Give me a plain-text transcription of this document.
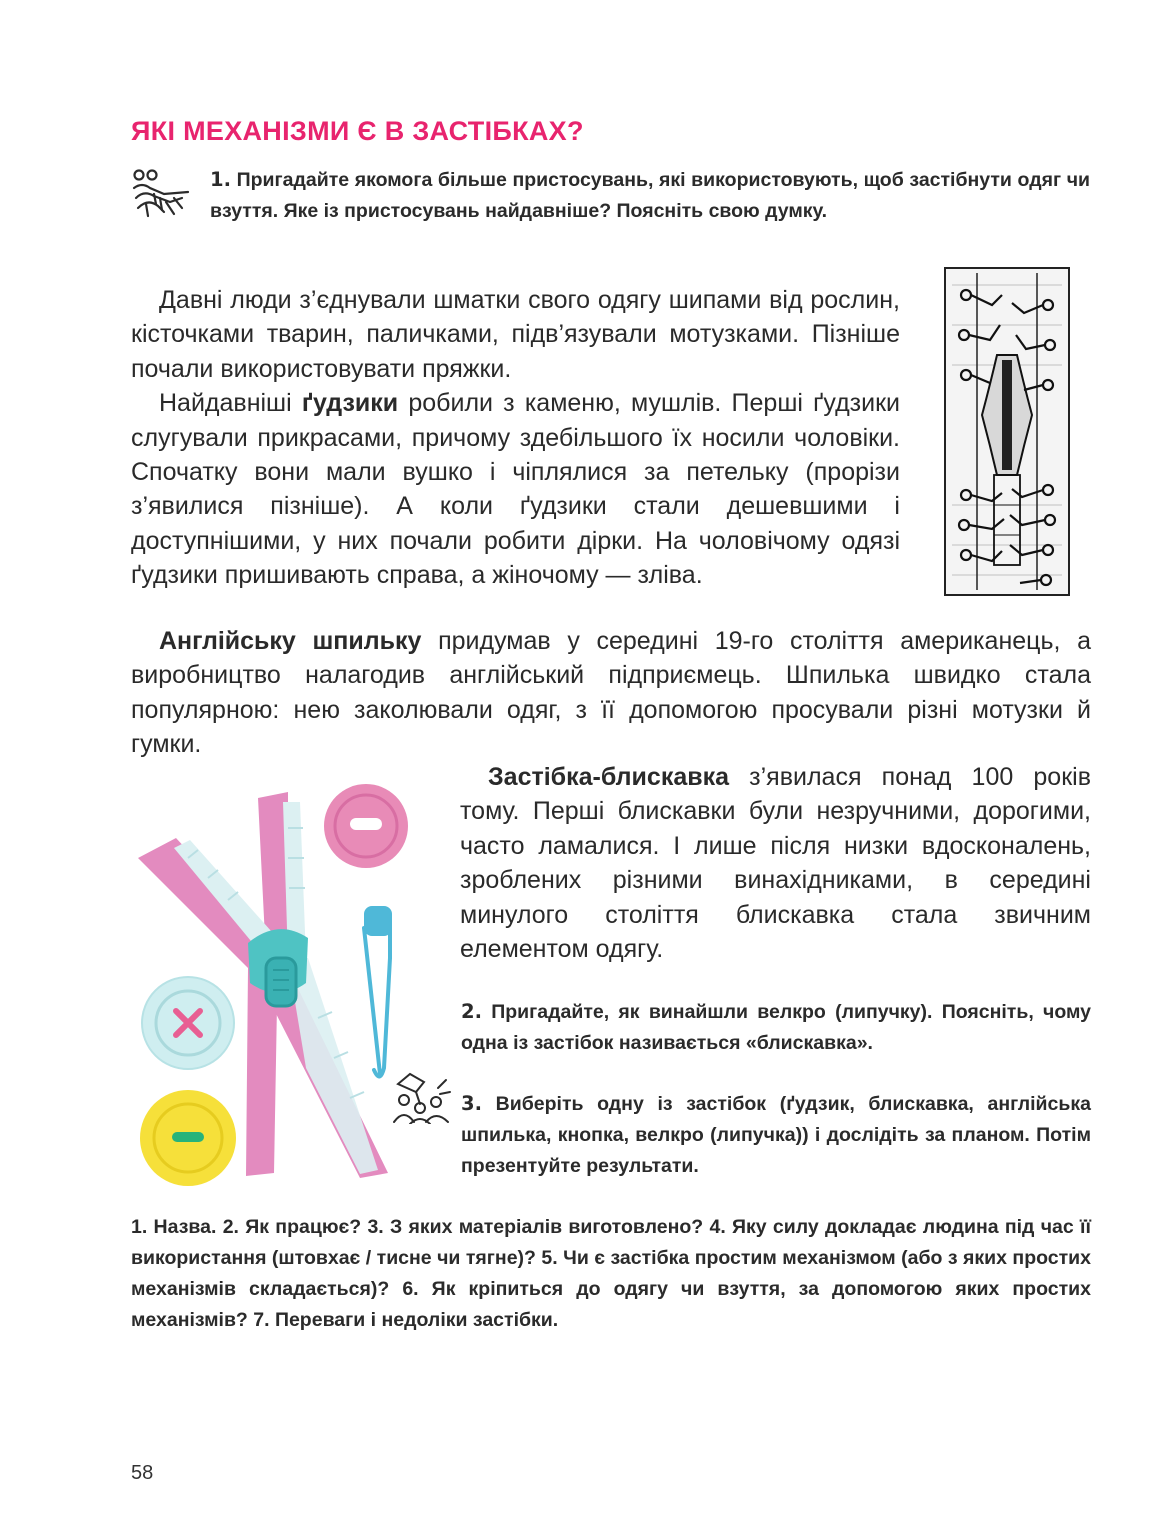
ЯКІ МЕХАНІЗМИ Є В ЗАСТІБКАХ?
1. Пригадайте якомога більше пристосувань, які використовують, щоб застібнути одяг чи взуття. Яке із пристосувань найдавніше? Поясніть свою думку.

Давні люди з’єднували шматки свого одягу шипами від рослин, кісточками тварин, паличками, підв’язували мотузками. Пізніше почали використовувати пряжки.

Найдавніші ґудзики робили з каменю, мушлів. Перші ґудзики слугували прикрасами, причому здебільшого їх носили чоловіки. Спочатку вони мали вушко і чіплялися за петельку (прорізи з’явилися пізніше). А коли ґудзики стали дешевшими і доступнішими, у них почали робити дірки. На чоловічому одязі ґудзики пришивають справа, а жіночому — зліва.

Англійську шпильку придумав у середині 19-го століття американець, а виробництво налагодив англійський підприємець. Шпилька швидко стала популярною: нею заколювали одяг, з її допомогою просували різні мотузки й гумки.

Застібка-блискавка з’явилася понад 100 років тому. Перші блискавки були незручними, дорогими, часто ламалися. І лише після низки вдосконалень, зроблених різними винахідниками, в середині минулого століття блискавка стала звичним елементом одягу.

2. Пригадайте, як винайшли велкро (липучку). Поясніть, чому одна із застібок називається «блискавка».
3. Виберіть одну із застібок (ґудзик, блискавка, англійська шпилька, кнопка, велкро (липучка)) і дослідіть за планом. Потім презентуйте результати.
1. Назва. 2. Як працює? 3. З яких матеріалів виготовлено? 4. Яку силу докладає людина під час її використання (штовхає / тисне чи тягне)? 5. Чи є застібка простим механізмом (або з яких простих механізмів складається)? 6. Як кріпиться до одягу чи взуття, за допомогою яких простих механізмів? 7. Переваги і недоліки застібки.
58
